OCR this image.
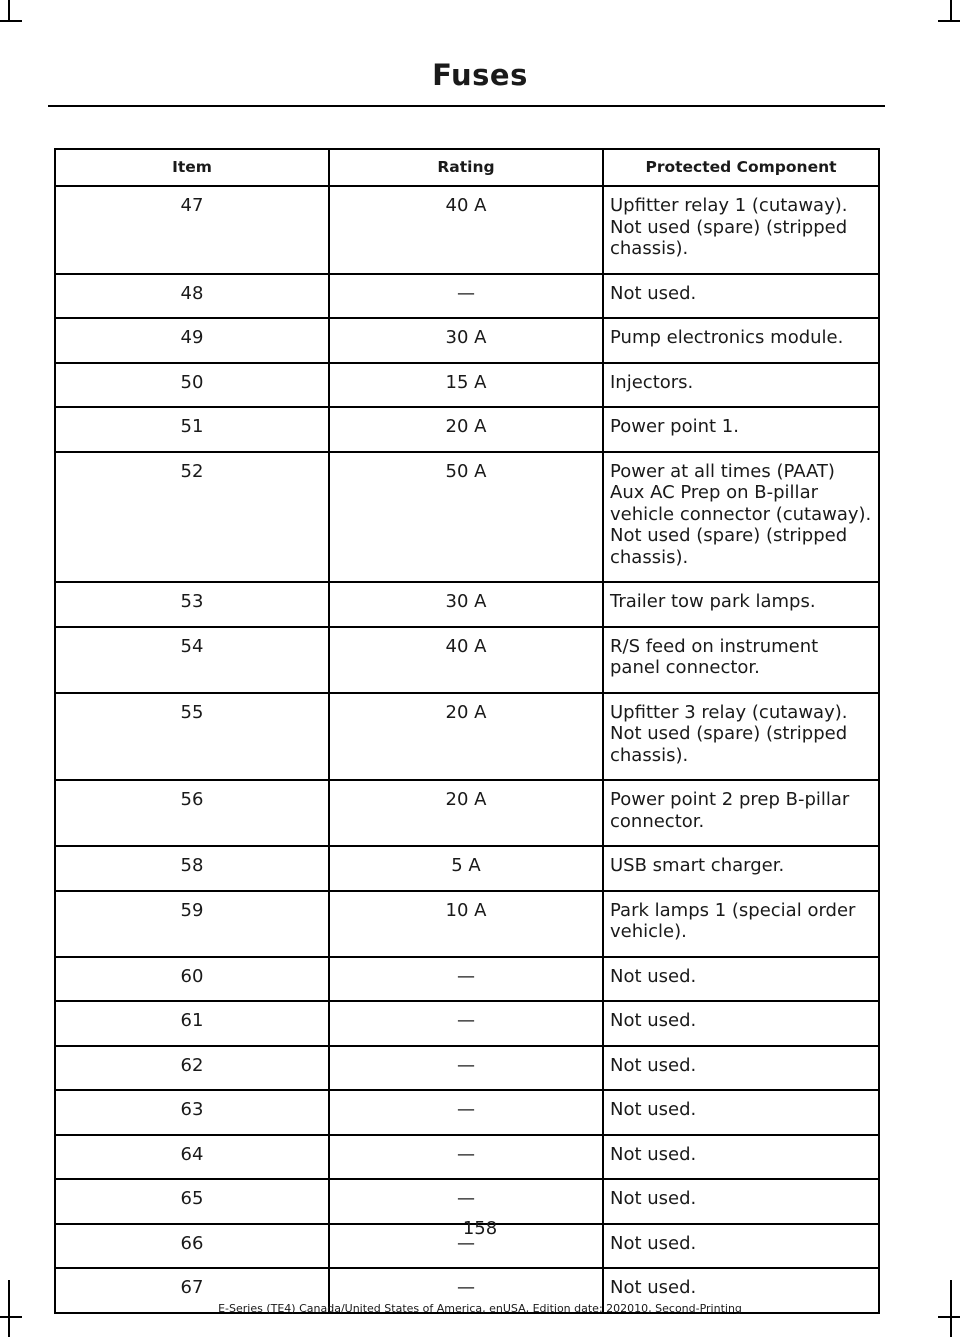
Fuses
Item	Rating	Protected Component
47	40 A	Upfitter relay 1 (cutaway).
Not used (spare) (stripped chassis).
48	—	Not used.
49	30 A	Pump electronics module.
50	15 A	Injectors.
51	20 A	Power point 1.
52	50 A	Power at all times (PAAT)
Aux AC Prep on B-pillar vehicle connector (cutaway).
Not used (spare) (stripped chassis).
53	30 A	Trailer tow park lamps.
54	40 A	R/S feed on instrument panel connector.
55	20 A	Upfitter 3 relay (cutaway).
Not used (spare) (stripped chassis).
56	20 A	Power point 2 prep B-pillar connector.
58	5 A	USB smart charger.
59	10 A	Park lamps 1 (special order vehicle).
60	—	Not used.
61	—	Not used.
62	—	Not used.
63	—	Not used.
64	—	Not used.
65	—	Not used.
66	—	Not used.
67	—	Not used.
158
E-Series (TE4) Canada/United States of America, enUSA, Edition date: 202010, Second-Printing
